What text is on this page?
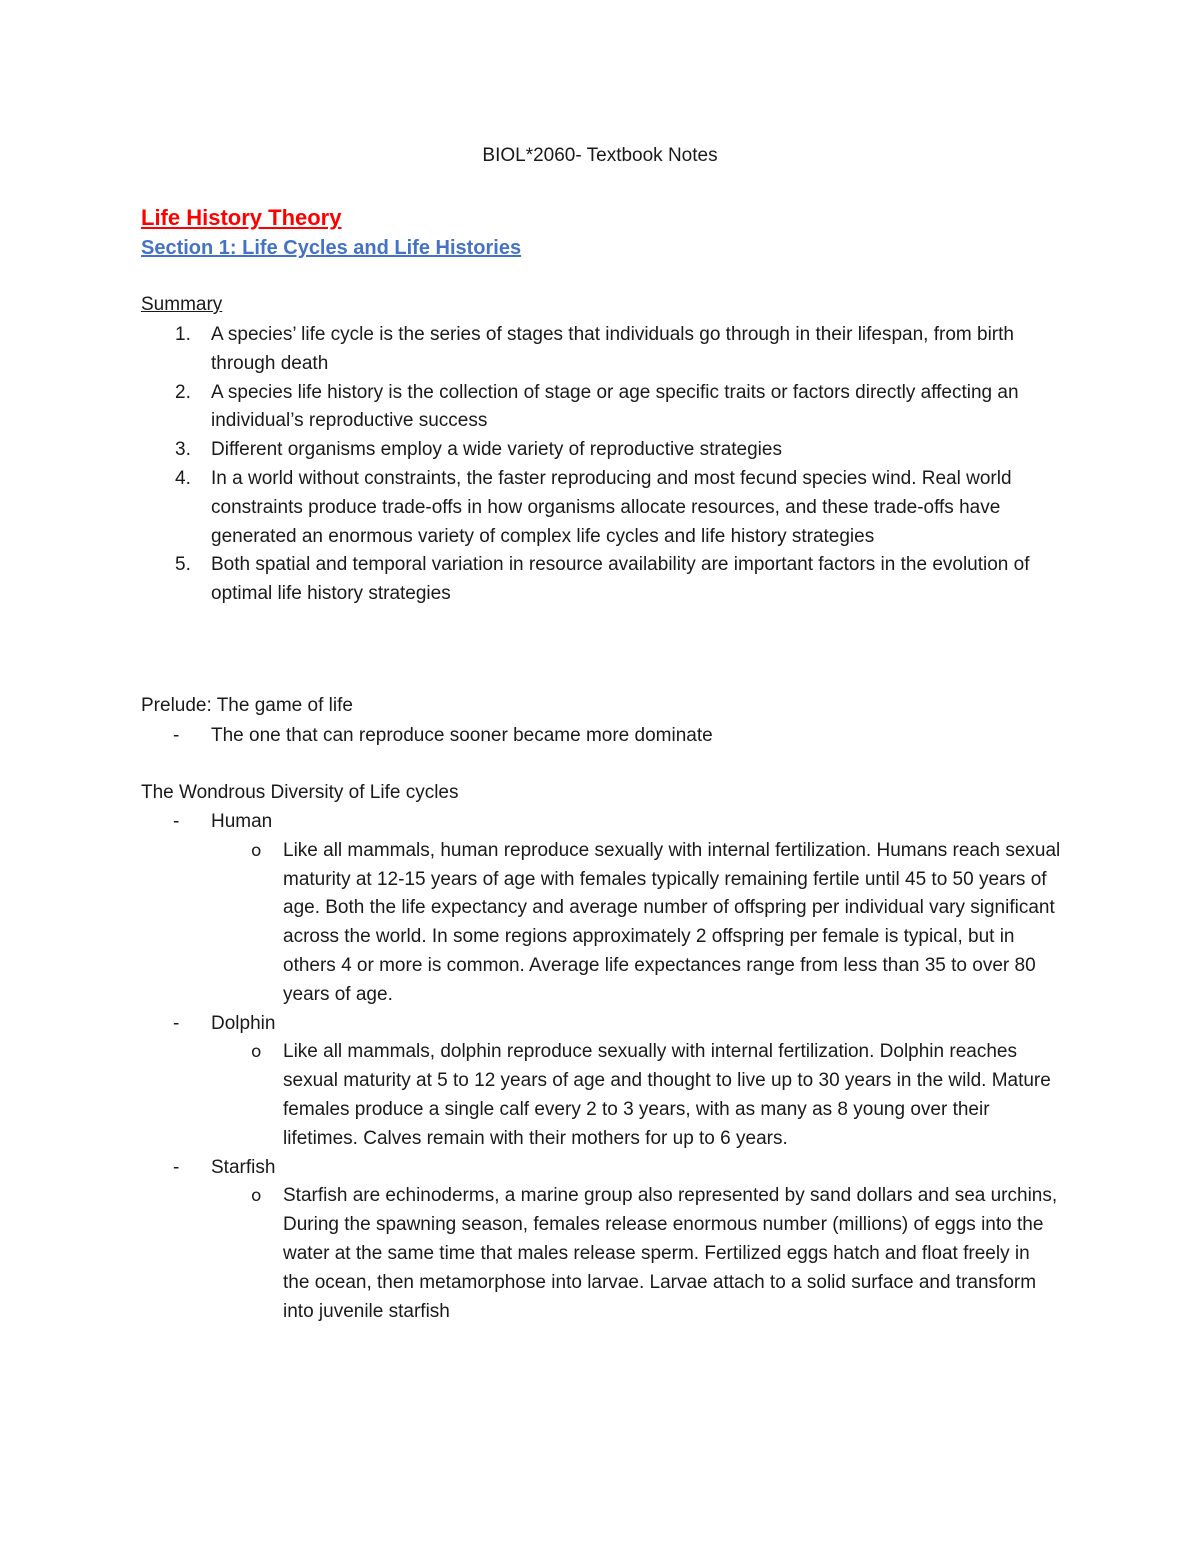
BIOL*2060- Textbook Notes
Life History Theory
Section 1: Life Cycles and Life Histories
Summary
1. A species’ life cycle is the series of stages that individuals go through in their lifespan, from birth through death
2. A species life history is the collection of stage or age specific traits or factors directly affecting an individual’s reproductive success
3. Different organisms employ a wide variety of reproductive strategies
4. In a world without constraints, the faster reproducing and most fecund species wind. Real world constraints produce trade-offs in how organisms allocate resources, and these trade-offs have generated an enormous variety of complex life cycles and life history strategies
5. Both spatial and temporal variation in resource availability are important factors in the evolution of optimal life history strategies
Prelude: The game of life
- The one that can reproduce sooner became more dominate
The Wondrous Diversity of Life cycles
- Human
o Like all mammals, human reproduce sexually with internal fertilization. Humans reach sexual maturity at 12-15 years of age with females typically remaining fertile until 45 to 50 years of age. Both the life expectancy and average number of offspring per individual vary significant across the world. In some regions approximately 2 offspring per female is typical, but in others 4 or more is common. Average life expectances range from less than 35 to over 80 years of age.
- Dolphin
o Like all mammals, dolphin reproduce sexually with internal fertilization. Dolphin reaches sexual maturity at 5 to 12 years of age and thought to live up to 30 years in the wild. Mature females produce a single calf every 2 to 3 years, with as many as 8 young over their lifetimes. Calves remain with their mothers for up to 6 years.
- Starfish
o Starfish are echinoderms, a marine group also represented by sand dollars and sea urchins, During the spawning season, females release enormous number (millions) of eggs into the water at the same time that males release sperm. Fertilized eggs hatch and float freely in the ocean, then metamorphose into larvae. Larvae attach to a solid surface and transform into juvenile starfish
